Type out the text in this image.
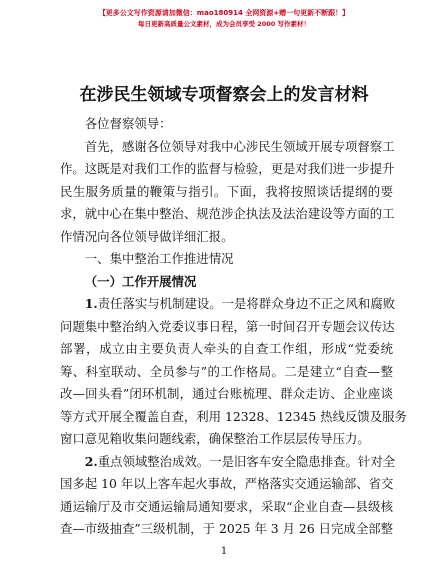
【更多公文写作资源请加微信：mao180914 全网资源+赠一句更新不断跟！】
每日更新高质量公文素材，成为会员享受 2000 写作素材！
在涉民生领域专项督察会上的发言材料

各位督察领导：

首先，感谢各位领导对我中心涉民生领域开展专项督察工
作。这既是对我们工作的监督与检验，更是对我们进一步提升
民生服务质量的鞭策与指引。下面，我将按照谈话提纲的要
求，就中心在集中整治、规范涉企执法及法治建设等方面的工
作情况向各位领导做详细汇报。

一、集中整治工作推进情况

（一）工作开展情况

1.责任落实与机制建设。一是将群众身边不正之风和腐败
问题集中整治纳入党委议事日程，第一时间召开专题会议传达
部署，成立由主要负责人牵头的自查工作组，形成“党委统
筹、科室联动、全员参与”的工作格局。二是建立“自查—整
改—回头看”闭环机制，通过台账梳理、群众走访、企业座谈
等方式开展全覆盖自查，利用 12328、12345 热线反馈及服务
窗口意见箱收集问题线索，确保整治工作层层传导压力。

2.重点领域整治成效。一是旧客车安全隐患排查。针对全
国多起 10 年以上客车起火事故，严格落实交通运输部、省交
通运输厅及市交通运输局通知要求，采取“企业自查—县级核
查—市级抽查”三级机制，于 2025 年 3 月 26 日完成全部整

1
